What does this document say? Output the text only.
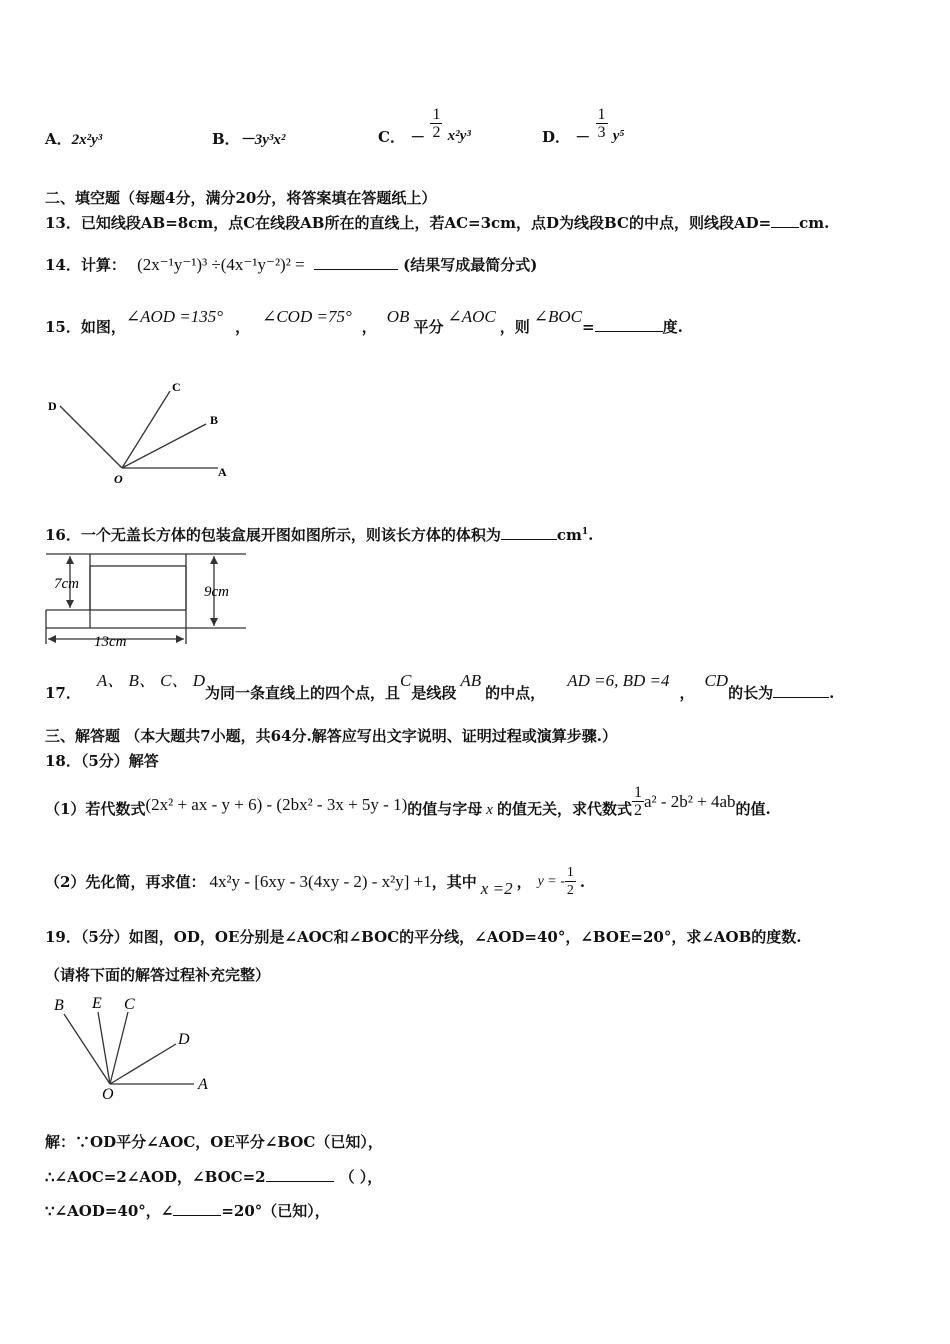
A．2x²y³	B．－3y³x²	C． － $\frac{1}{2} x^2y^3$	D． － $\frac{1}{3} y^5$
二、填空题（每题4分，满分20分，将答案填在答题纸上）
13．已知线段AB=8cm，点C在线段AB所在的直线上，若AC=3cm，点D为线段BC的中点，则线段AD= cm.
14．计算： (2x⁻¹y⁻¹)³ ÷(4x⁻¹y⁻²)² =	(结果写成最简分式)
15．如图，∠AOD =135°，∠COD =75°，OB平分∠AOC，则∠BOC=	度.
D
C
B
A
O
16．一个无盖长方体的包装盒展开图如图所示，则该长方体的体积为	$cm^1$.
7cm	9cm
13cm
17．A、 B、 C、 D为同一条直线上的四个点，且C是线段AB的中点，AD =6, BD =4，CD的长为	.
三、解答题 （本大题共7小题，共64分.解答应写出文字说明、证明过程或演算步骤.）
18．（5分）解答
（1）若代数式(2x² + ax - y + 6) - (2bx² - 3x + 5y - 1)的值与字母 x 的值无关，求代数式 $\frac{1}{2} a^2 - 2b^2 + 4ab$的值.
（2）先化简，再求值： 4x²y - [6xy - 3(4xy - 2) - x²y] +1，其中 x =2 ， y = - $\frac{1}{2}$ .
19．（5分）如图，OD，OE分别是∠AOC和∠BOC的平分线，∠AOD=40°，∠BOE=20°，求∠AOB的度数.
（请将下面的解答过程补充完整）
B E C
D
A
O
解：∵OD平分∠AOC，OE平分∠BOC（已知），
∴∠AOC=2∠AOD，∠BOC=2	（ ），
∵∠AOD=40°，∠	=20°（已知），
